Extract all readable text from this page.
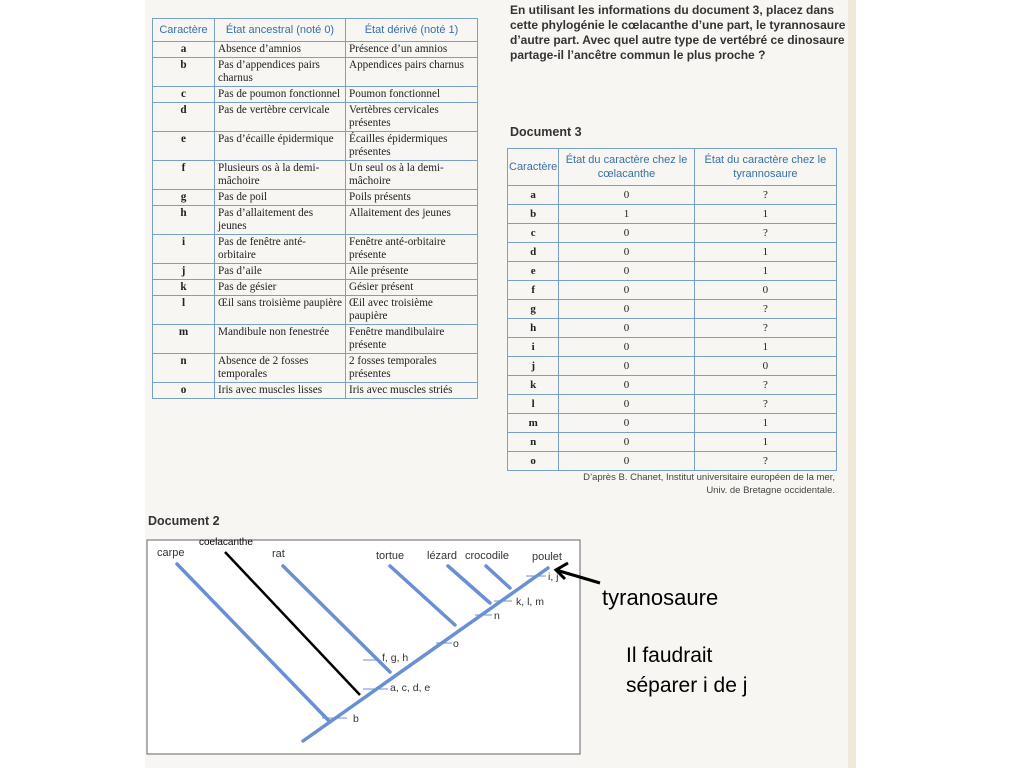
Caractère	État ancestral (noté 0)	État dérivé (noté 1)
a	Absence d’amnios	Présence d’un amnios
b	Pas d’appendices pairs charnus	Appendices pairs charnus
c	Pas de poumon fonctionnel	Poumon fonctionnel
d	Pas de vertèbre cervicale	Vertèbres cervicales présentes
e	Pas d’écaille épidermique	Écailles épidermiques présentes
f	Plusieurs os à la demi-mâchoire	Un seul os à la demi-mâchoire
g	Pas de poil	Poils présents
h	Pas d’allaitement des jeunes	Allaitement des jeunes
i	Pas de fenêtre anté-orbitaire	Fenêtre anté-orbitaire présente
j	Pas d’aile	Aile présente
k	Pas de gésier	Gésier présent
l	Œil sans troisième paupière	Œil avec troisième paupière
m	Mandibule non fenestrée	Fenêtre mandibulaire présente
n	Absence de 2 fosses temporales	2 fosses temporales présentes
o	Iris avec muscles lisses	Iris avec muscles striés
En utilisant les informations du document 3, placez dans cette phylogénie le cœlacanthe d’une part, le tyrannosaure d’autre part. Avec quel autre type de vertébré ce dinosaure partage-il l’ancêtre commun le plus proche ?
Document 3
Caractère	État du caractère chez le cœlacanthe	État du caractère chez le tyrannosaure
a	0	?
b	1	1
c	0	?
d	0	1
e	0	1
f	0	0
g	0	?
h	0	?
i	0	1
j	0	0
k	0	?
l	0	?
m	0	1
n	0	1
o	0	?
D’après B. Chanet, Institut universitaire européen de la mer,
Univ. de Bretagne occidentale.
Document 2
carpe
coelacanthe
rat	tortue lézard crocodile poulet
b
a, c, d, e
f, g, h
o
n
k, l, m
i, j
tyranosaure
Il faudrait
séparer i de j
